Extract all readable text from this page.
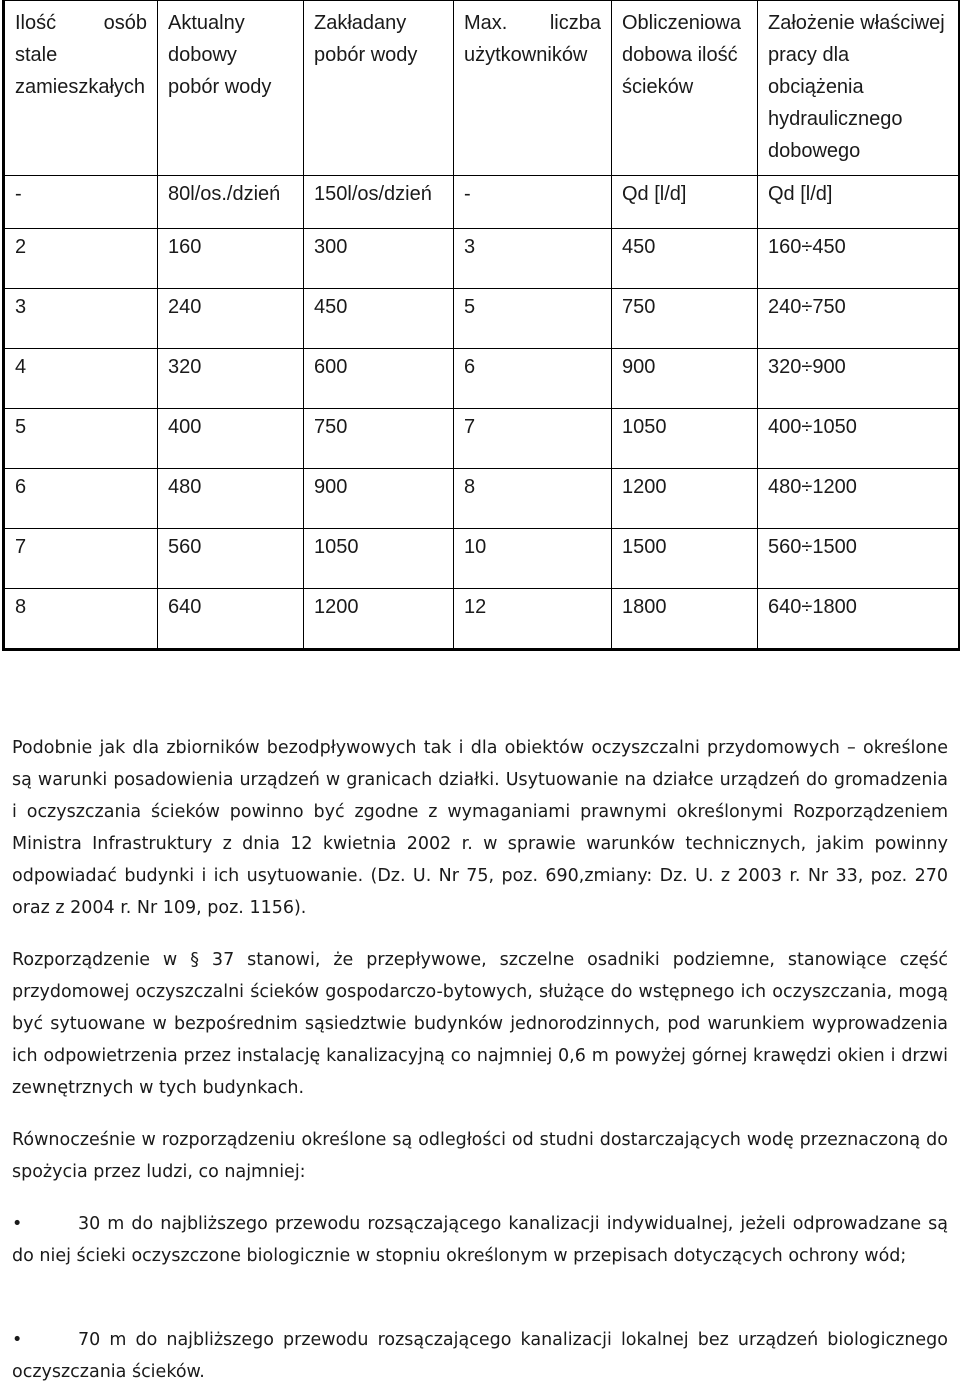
Ilość osób stale zamieszkałych	Aktualny dobowy pobór wody	Zakładany pobór wody	Max. liczba użytkowników	Obliczeniowa dobowa ilość ścieków	Założenie właściwej pracy dla obciążenia hydraulicznego dobowego
-	80l/os./dzień	150l/os/dzień	-	Qd [l/d]	Qd [l/d]
2	160	300	3	450	160÷450
3	240	450	5	750	240÷750
4	320	600	6	900	320÷900
5	400	750	7	1050	400÷1050
6	480	900	8	1200	480÷1200
7	560	1050	10	1500	560÷1500
8	640	1200	12	1800	640÷1800

Podobnie jak dla zbiorników bezodpływowych tak i dla obiektów oczyszczalni przydomowych – określone są warunki posadowienia urządzeń w granicach działki. Usytuowanie na działce urządzeń do gromadzenia i oczyszczania ścieków powinno być zgodne z wymaganiami prawnymi określonymi Rozporządzeniem Ministra Infrastruktury z dnia 12 kwietnia 2002 r. w sprawie warunków technicznych, jakim powinny odpowiadać budynki i ich usytuowanie. (Dz. U. Nr 75, poz. 690,zmiany: Dz. U. z 2003 r. Nr 33, poz. 270 oraz z 2004 r. Nr 109, poz. 1156).

Rozporządzenie w § 37 stanowi, że przepływowe, szczelne osadniki podziemne, stanowiące część przydomowej oczyszczalni ścieków gospodarczo-bytowych, służące do wstępnego ich oczyszczania, mogą być sytuowane w bezpośrednim sąsiedztwie budynków jednorodzinnych, pod warunkiem wyprowadzenia ich odpowietrzenia przez instalację kanalizacyjną co najmniej 0,6 m powyżej górnej krawędzi okien i drzwi zewnętrznych w tych budynkach.

Równocześnie w rozporządzeniu określone są odległości od studni dostarczających wodę przeznaczoną do spożycia przez ludzi, co najmniej:

•	30 m do najbliższego przewodu rozsączającego kanalizacji indywidualnej, jeżeli odprowadzane są do niej ścieki oczyszczone biologicznie w stopniu określonym w przepisach dotyczących ochrony wód;

•	70 m do najbliższego przewodu rozsączającego kanalizacji lokalnej bez urządzeń biologicznego oczyszczania ścieków.
